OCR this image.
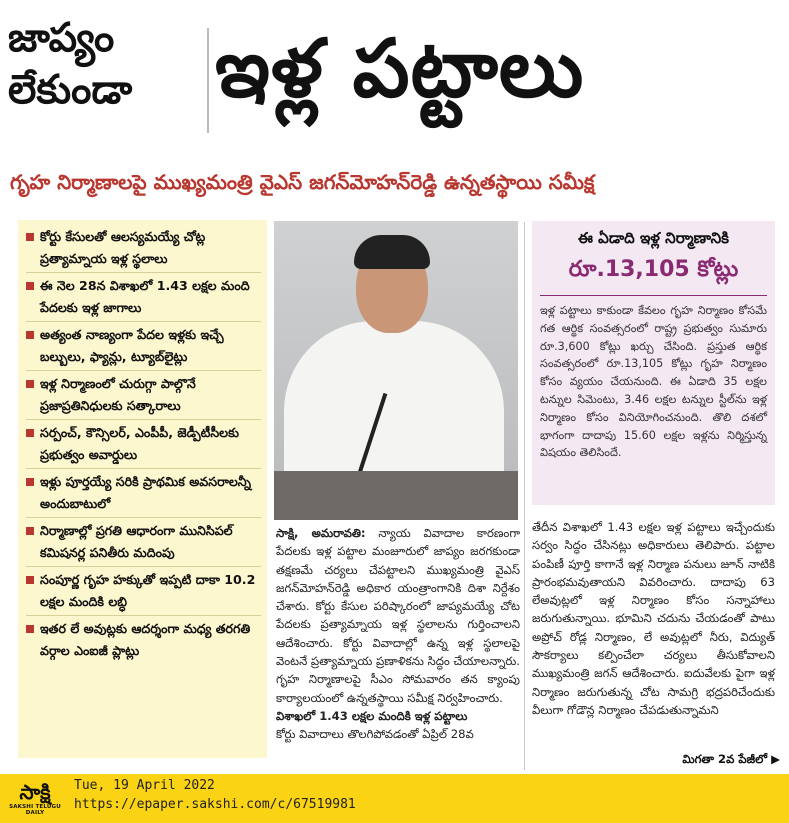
జాప్యం లేకుండా	ఇళ్ల పట్టాలు
గృహ నిర్మాణాలపై ముఖ్యమంత్రి వైఎస్ జగన్‌మోహన్‌రెడ్డి ఉన్నతస్థాయి సమీక్ష
కోర్టు కేసులతో ఆలస్యమయ్యే చోట్ల ప్రత్యామ్నాయ ఇళ్ల స్థలాలు
ఈ నెల 28న విశాఖలో 1.43 లక్షల మంది పేదలకు ఇళ్ల జాగాలు
అత్యంత నాణ్యంగా పేదల ఇళ్లకు ఇచ్చే బల్బులు, ఫ్యాన్లు, ట్యూబ్‌లైట్లు
ఇళ్ల నిర్మాణంలో చురుగ్గా పాల్గొనే ప్రజాప్రతినిధులకు సత్కారాలు
సర్పంచ్, కౌన్సిలర్, ఎంపీపీ, జెడ్పీటీసీలకు ప్రభుత్వం అవార్డులు
ఇళ్లు పూర్తయ్యే సరికి ప్రాథమిక అవసరాలన్నీ అందుబాటులో
నిర్మాణాల్లో ప్రగతి ఆధారంగా మునిసిపల్ కమిషనర్ల పనితీరు మదింపు
సంపూర్ణ గృహ హక్కుతో ఇప్పటి దాకా 10.2 లక్షల మందికి లబ్ధి
ఇతర లే అవుట్లకు ఆదర్శంగా మధ్య తరగతి వర్గాల ఎంఐజీ ప్లాట్లు
సాక్షి, అమరావతి: న్యాయ వివాదాల కారణంగా పేదలకు ఇళ్ల పట్టాల మంజూరులో జాప్యం జరగకుండా తక్షణమే చర్యలు చేపట్టాలని ముఖ్యమంత్రి వైఎస్ జగన్‌మోహన్‌రెడ్డి అధికార యంత్రాంగానికి దిశా నిర్దేశం చేశారు. కోర్టు కేసుల పరిష్కారంలో జాప్యమయ్యే చోట పేదలకు ప్రత్యామ్నాయ ఇళ్ల స్థలాలను గుర్తించాలని ఆదేశించారు. కోర్టు వివాదాల్లో ఉన్న ఇళ్ల స్థలాలపై వెంటనే ప్రత్యామ్నాయ ప్రణాళికను సిద్ధం చేయాలన్నారు. గృహ నిర్మాణాలపై సీఎం సోమవారం తన క్యాంపు కార్యాలయంలో ఉన్నతస్థాయి సమీక్ష నిర్వహించారు.
విశాఖలో 1.43 లక్షల మందికి ఇళ్ల పట్టాలు
కోర్టు వివాదాలు తొలగిపోవడంతో ఏప్రిల్ 28వ
ఈ ఏడాది ఇళ్ల నిర్మాణానికి
రూ.13,105 కోట్లు
ఇళ్ల పట్టాలు కాకుండా కేవలం గృహ నిర్మాణం కోసమే గత ఆర్థిక సంవత్సరంలో రాష్ట్ర ప్రభుత్వం సుమారు రూ.3,600 కోట్లు ఖర్చు చేసింది. ప్రస్తుత ఆర్థిక సంవత్సరంలో రూ.13,105 కోట్లు గృహ నిర్మాణం కోసం వ్యయం చేయనుంది. ఈ ఏడాది 35 లక్షల టన్నుల సిమెంటు, 3.46 లక్షల టన్నుల స్టీల్‌ను ఇళ్ల నిర్మాణం కోసం వినియోగించనుంది. తొలి దశలో భాగంగా దాదాపు 15.60 లక్షల ఇళ్లను నిర్మిస్తున్న విషయం తెలిసిందే.
తేదీన విశాఖలో 1.43 లక్షల ఇళ్ల పట్టాలు ఇచ్చేందుకు సర్వం సిద్ధం చేసినట్లు అధికారులు తెలిపారు. పట్టాల పంపిణీ పూర్తి కాగానే ఇళ్ల నిర్మాణ పనులు జూన్ నాటికి ప్రారంభమవుతాయని వివరించారు. దాదాపు 63 లేఅవుట్లలో ఇళ్ల నిర్మాణం కోసం సన్నాహాలు జరుగుతున్నాయి. భూమిని చదును చేయడంతో పాటు అప్రోచ్ రోడ్ల నిర్మాణం, లే అవుట్లలో నీరు, విద్యుత్ సౌకర్యాలు కల్పించేలా చర్యలు తీసుకోవాలని ముఖ్యమంత్రి జగన్ ఆదేశించారు. ఐదువేలకు పైగా ఇళ్ల నిర్మాణం జరుగుతున్న చోట సామగ్రి భద్రపరిచేందుకు వీలుగా గోడౌన్ల నిర్మాణం చేపడుతున్నామని
మిగతా 2వ పేజీలో ▶
సాక్షి
SAKSHI TELUGU DAILY
Tue, 19 April 2022
https://epaper.sakshi.com/c/67519981
